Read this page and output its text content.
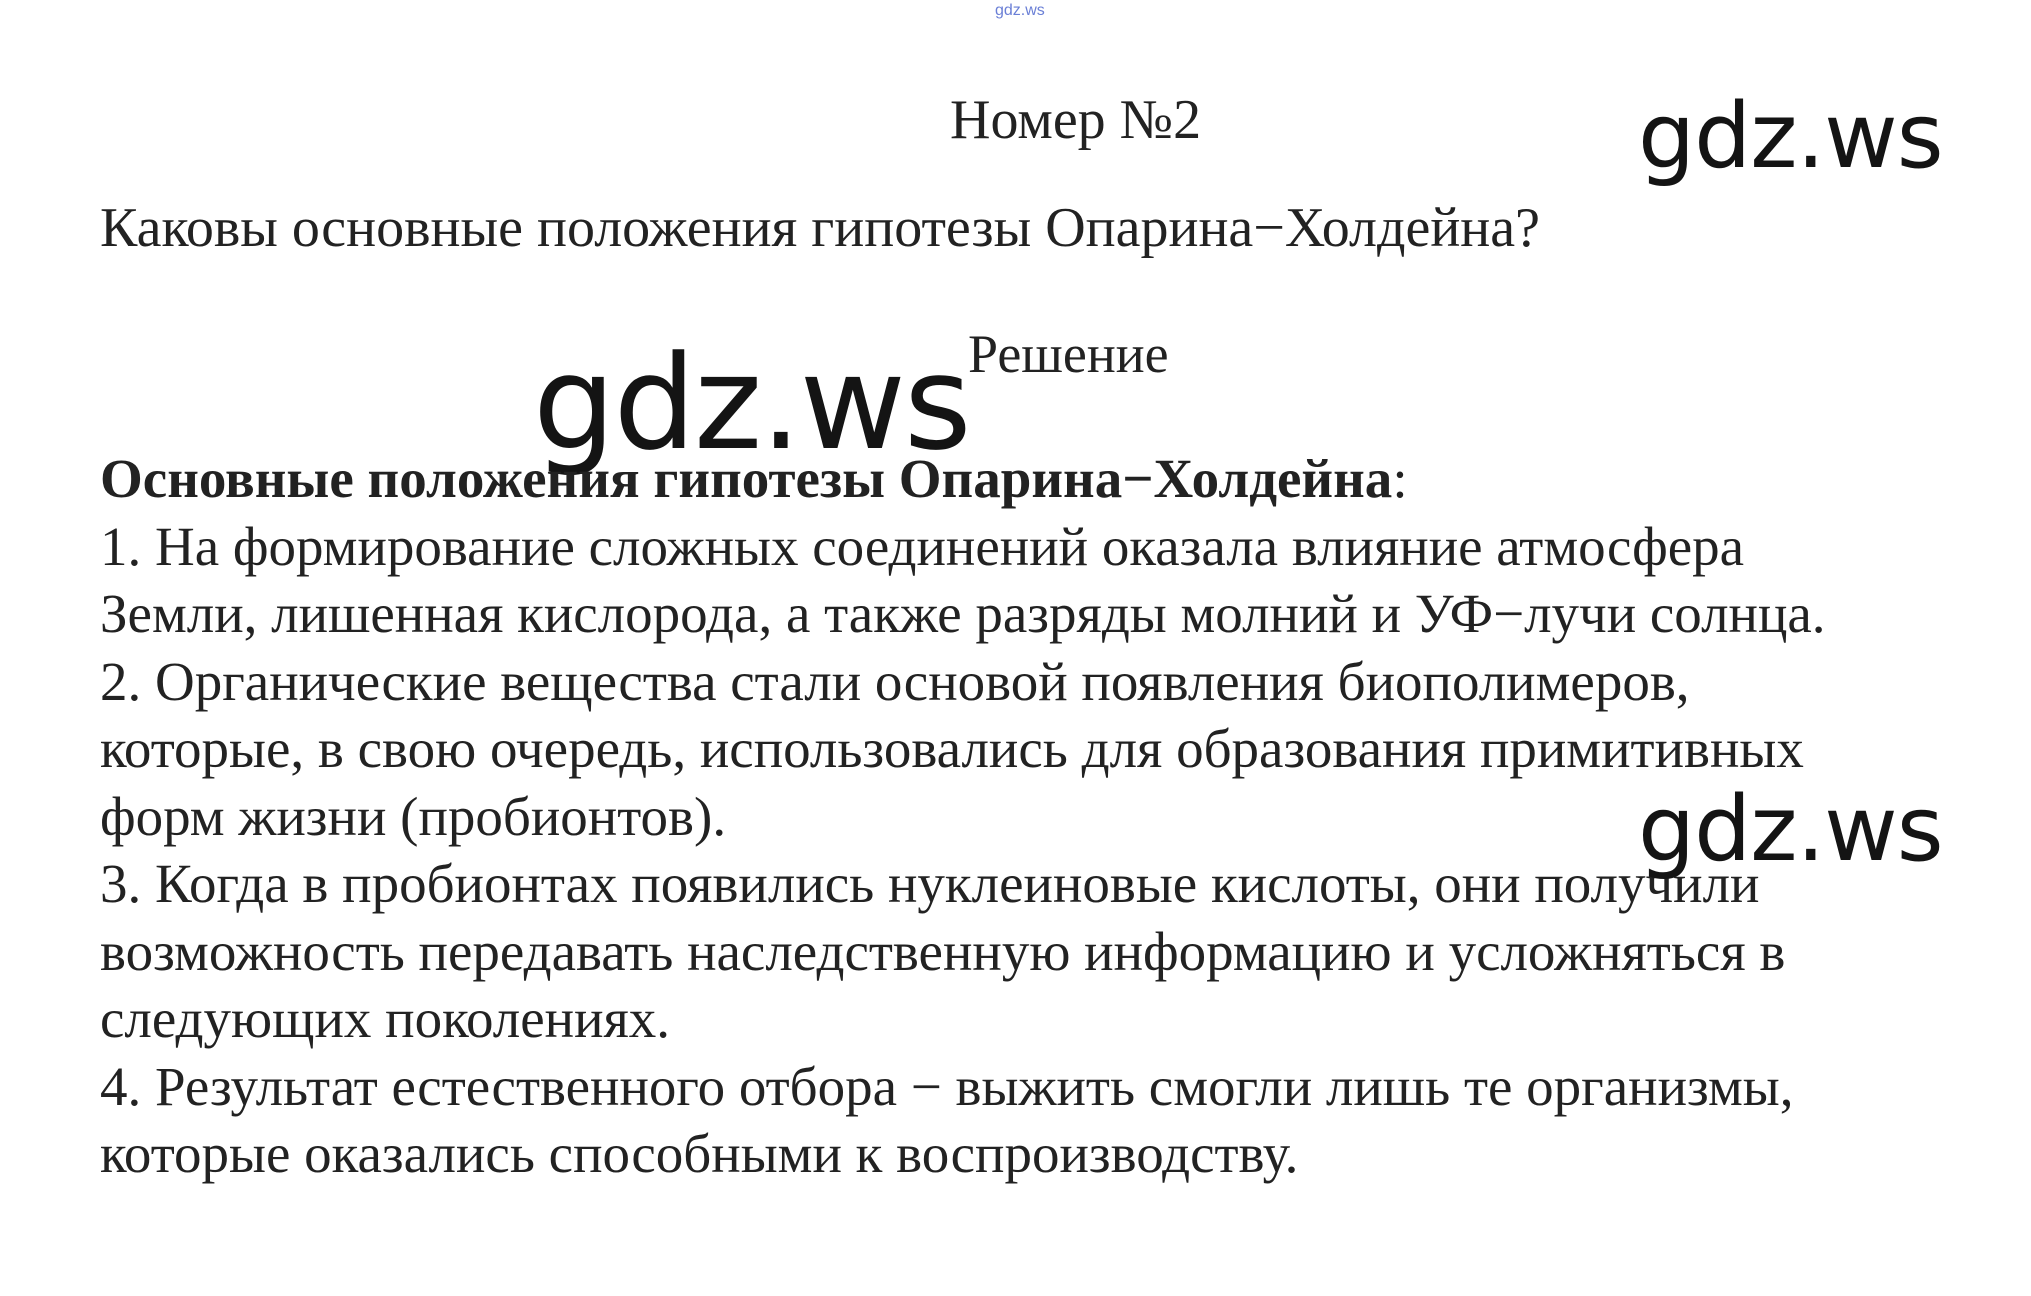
gdz.ws
Номер №2	gdz.ws
Каковы основные положения гипотезы Опарина−Холдейна?
gdz.ws
Решение
Основные положения гипотезы Опарина−Холдейна:
1. На формирование сложных соединений оказала влияние атмосфера
Земли, лишенная кислорода, а также разряды молний и УФ−лучи солнца.
2. Органические вещества стали основой появления биополимеров,
которые, в свою очередь, использовались для образования примитивных
форм жизни (пробионтов).
3. Когда в пробионтах появились нуклеиновые кислоты, они получили
возможность передавать наследственную информацию и усложняться в
следующих поколениях.
4. Результат естественного отбора − выжить смогли лишь те организмы,
которые оказались способными к воспроизводству.
gdz.ws
